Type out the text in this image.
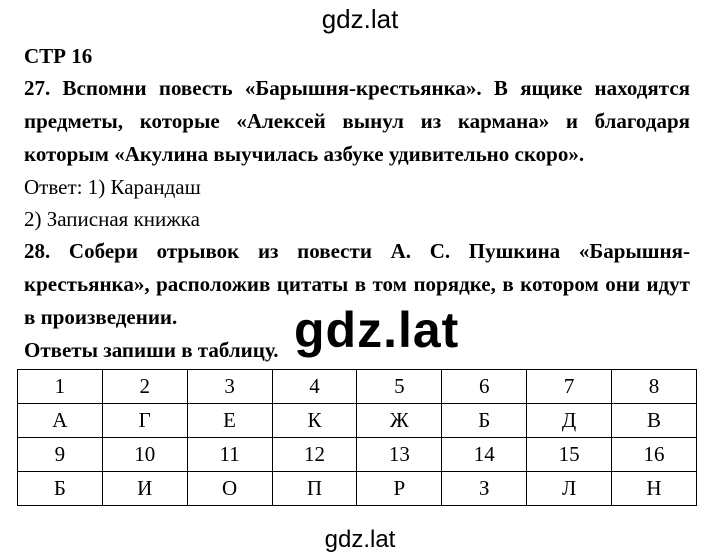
gdz.lat

СТР 16

27. Вспомни повесть «Барышня-крестьянка». В ящике находятся предметы, которые «Алексей вынул из кармана» и благодаря которым «Акулина выучилась азбуке удивительно скоро».

Ответ: 1) Карандаш

2) Записная книжка

28. Собери отрывок из повести А. С. Пушкина «Барышня-крестьянка», расположив цитаты в том порядке, в котором они идут в произведении.

Ответы запиши в таблицу. gdz.lat
1	2	3	4	5	6	7	8
А	Г	Е	К	Ж	Б	Д	В
9	10	11	12	13	14	15	16
Б	И	О	П	Р	З	Л	Н
gdz.lat
